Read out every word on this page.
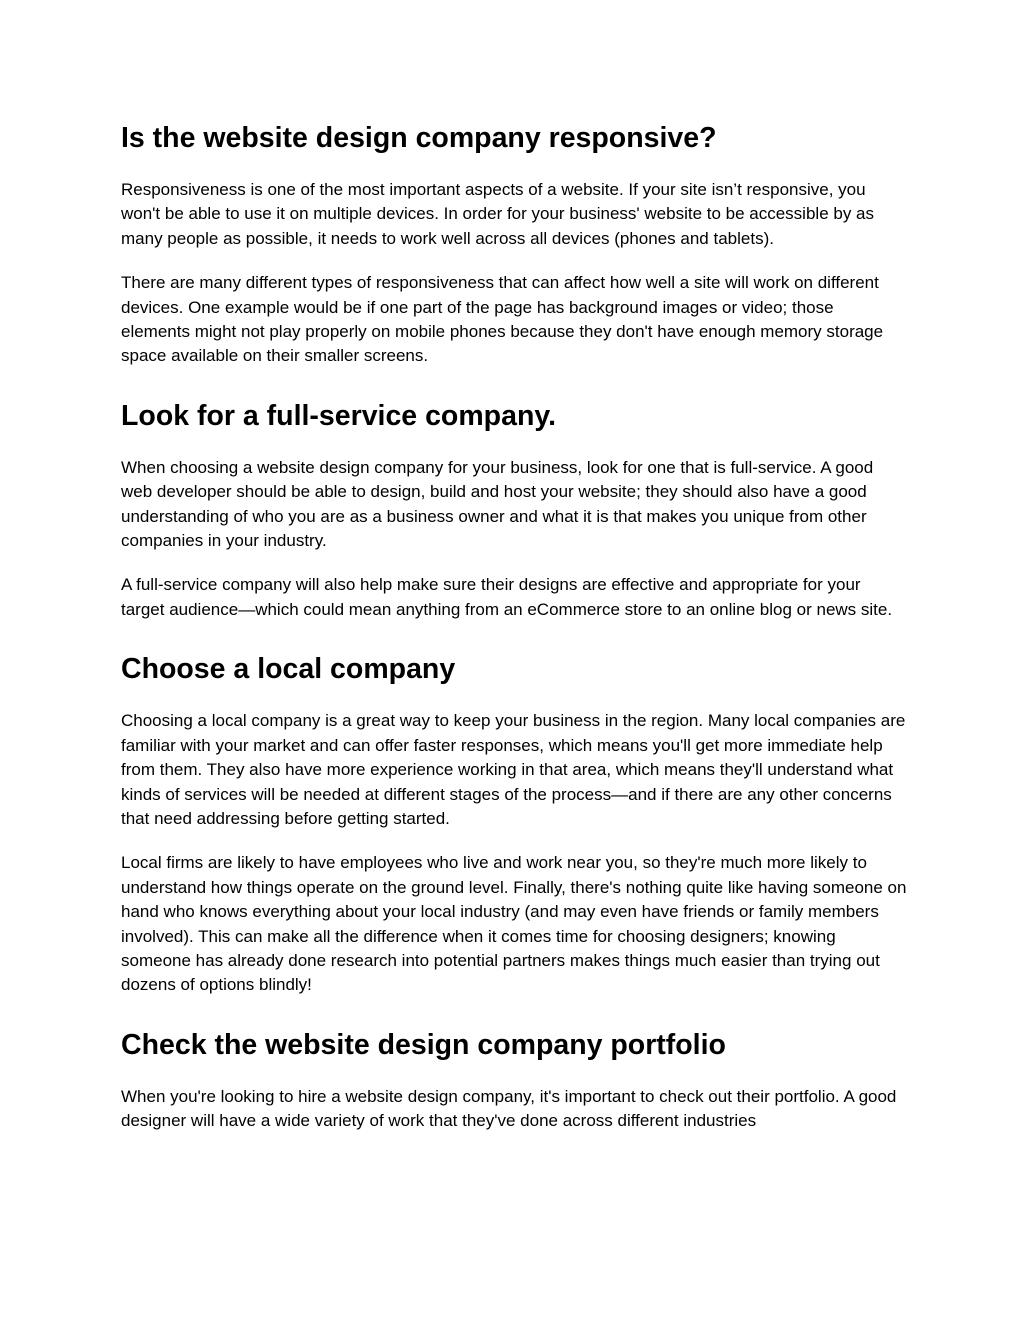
Is the website design company responsive?

Responsiveness is one of the most important aspects of a website. If your site isn’t responsive, you won't be able to use it on multiple devices. In order for your business' website to be accessible by as many people as possible, it needs to work well across all devices (phones and tablets).

There are many different types of responsiveness that can affect how well a site will work on different devices. One example would be if one part of the page has background images or video; those elements might not play properly on mobile phones because they don't have enough memory storage space available on their smaller screens.

Look for a full-service company.

When choosing a website design company for your business, look for one that is full-service. A good web developer should be able to design, build and host your website; they should also have a good understanding of who you are as a business owner and what it is that makes you unique from other companies in your industry.

A full-service company will also help make sure their designs are effective and appropriate for your target audience—which could mean anything from an eCommerce store to an online blog or news site.

Choose a local company

Choosing a local company is a great way to keep your business in the region. Many local companies are familiar with your market and can offer faster responses, which means you'll get more immediate help from them. They also have more experience working in that area, which means they'll understand what kinds of services will be needed at different stages of the process—and if there are any other concerns that need addressing before getting started.

Local firms are likely to have employees who live and work near you, so they're much more likely to understand how things operate on the ground level. Finally, there's nothing quite like having someone on hand who knows everything about your local industry (and may even have friends or family members involved). This can make all the difference when it comes time for choosing designers; knowing someone has already done research into potential partners makes things much easier than trying out dozens of options blindly!

Check the website design company portfolio

When you're looking to hire a website design company, it's important to check out their portfolio. A good designer will have a wide variety of work that they've done across different industries
